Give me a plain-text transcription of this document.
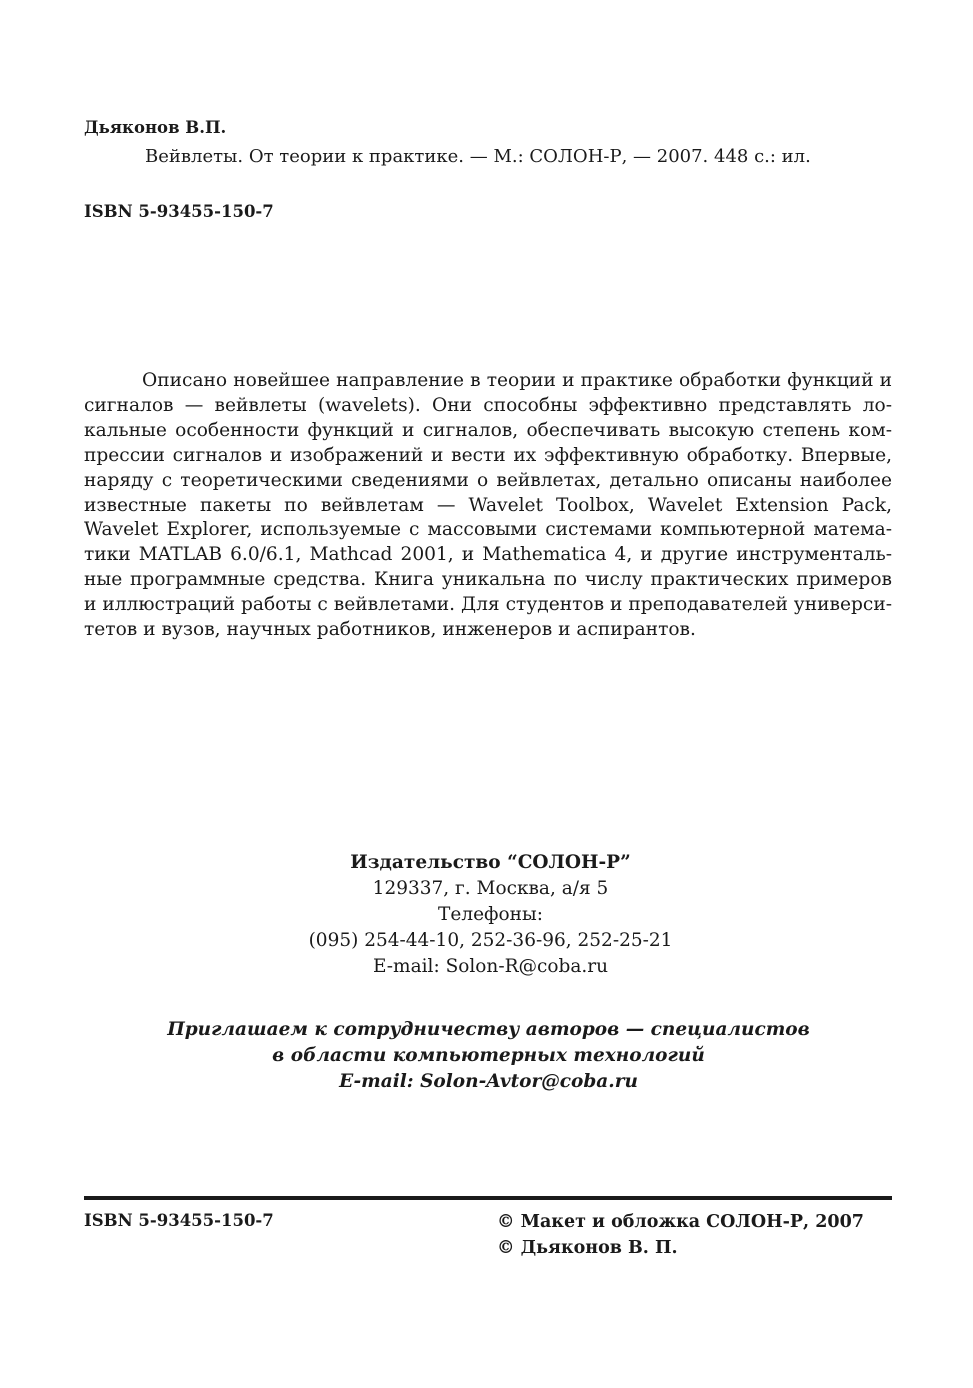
Дьяконов В.П.
Вейвлеты. От теории к практике. — М.: СОЛОН-Р, — 2007. 448 с.: ил.
ISBN 5-93455-150-7
Описано новейшее направление в теории и практике обработки функций и
сигналов — вейвлеты (wavelets). Они способны эффективно представлять ло-
кальные особенности функций и сигналов, обеспечивать высокую степень ком-
прессии сигналов и изображений и вести их эффективную обработку. Впервые,
наряду с теоретическими сведениями о вейвлетах, детально описаны наиболее
известные пакеты по вейвлетам — Wavelet Toolbox, Wavelet Extension Pack,
Wavelet Explorer, используемые с массовыми системами компьютерной матема-
тики MATLAB 6.0/6.1, Mathcad 2001, и Mathematica 4, и другие инструменталь-
ные программные средства. Книга уникальна по числу практических примеров
и иллюстраций работы с вейвлетами. Для студентов и преподавателей универси-
тетов и вузов, научных работников, инженеров и аспирантов.
Издательство “СОЛОН-Р”
129337, г. Москва, а/я 5
Телефоны:
(095) 254-44-10, 252-36-96, 252-25-21
E-mail: Solon-R@coba.ru
Приглашаем к сотрудничеству авторов — специалистов
в области компьютерных технологий
E-mail: Solon-Avtor@coba.ru
ISBN 5-93455-150-7	© Макет и обложка СОЛОН-Р, 2007
© Дьяконов В. П.
